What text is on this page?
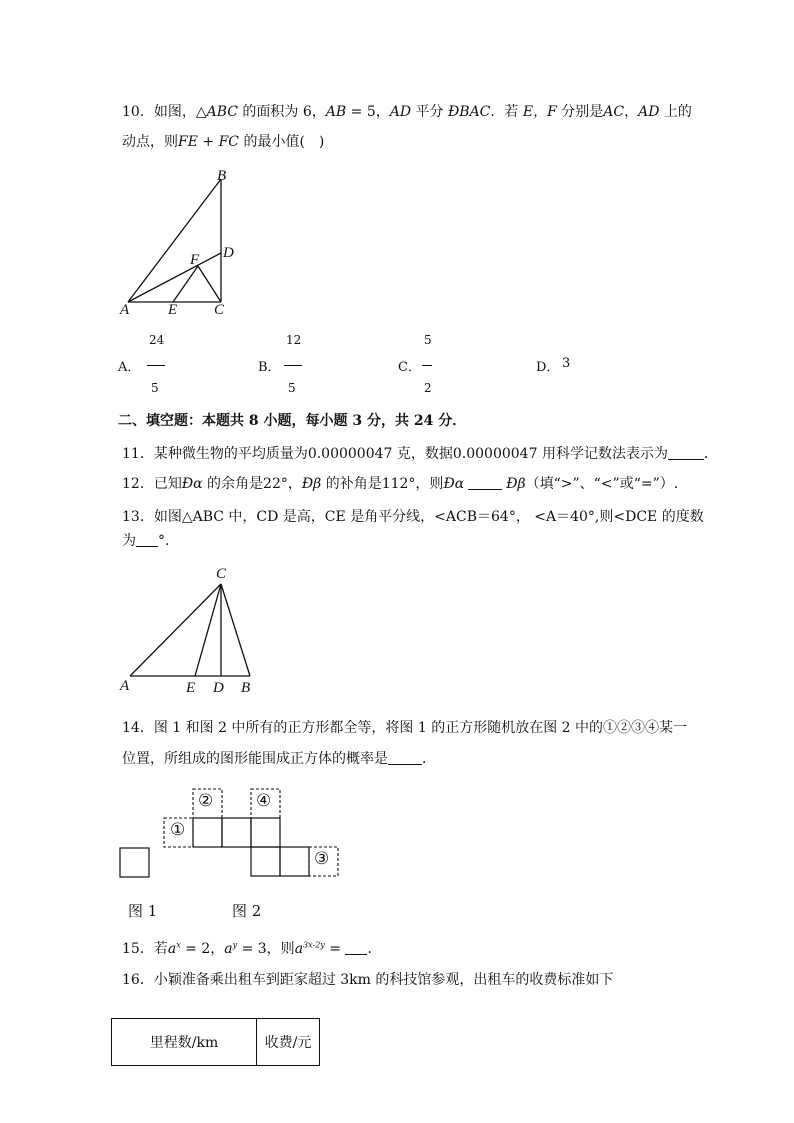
10．如图，△ABC 的面积为 6，AB = 5，AD 平分 ÐBAC．若 E，F 分别是AC，AD 上的
动点，则FE + FC 的最小值(　)
B
D
F
A	E C
A．
24
5
B．
12
5
C．
5
2
D． 3
二、填空题：本题共 8 小题，每小题 3 分，共 24 分．
11．某种微生物的平均质量为0.00000047 克，数据0.00000047 用科学记数法表示为	．
12．已知Ðα 的余角是22°，Ðβ 的补角是112°，则Ðα	Ðβ（填“>”、“<”或“=”）.
13．如图△ABC 中，CD 是高，CE 是角平分线，<ACB＝64°， <A＝40°,则<DCE 的度数
为 °.
C
A	E D B
14．图 1 和图 2 中所有的正方形都全等，将图 1 的正方形随机放在图 2 中的①②③④某一
位置，所组成的图形能围成正方体的概率是 ．
①
②	④
③
图 1	图 2
15．若$a^x = 2$，$a^y = 3$，则$a^{3x-2y}$ = ．
16．小颖准备乘出租车到距家超过 3km 的科技馆参观，出租车的收费标准如下
里程数/km	收费/元
